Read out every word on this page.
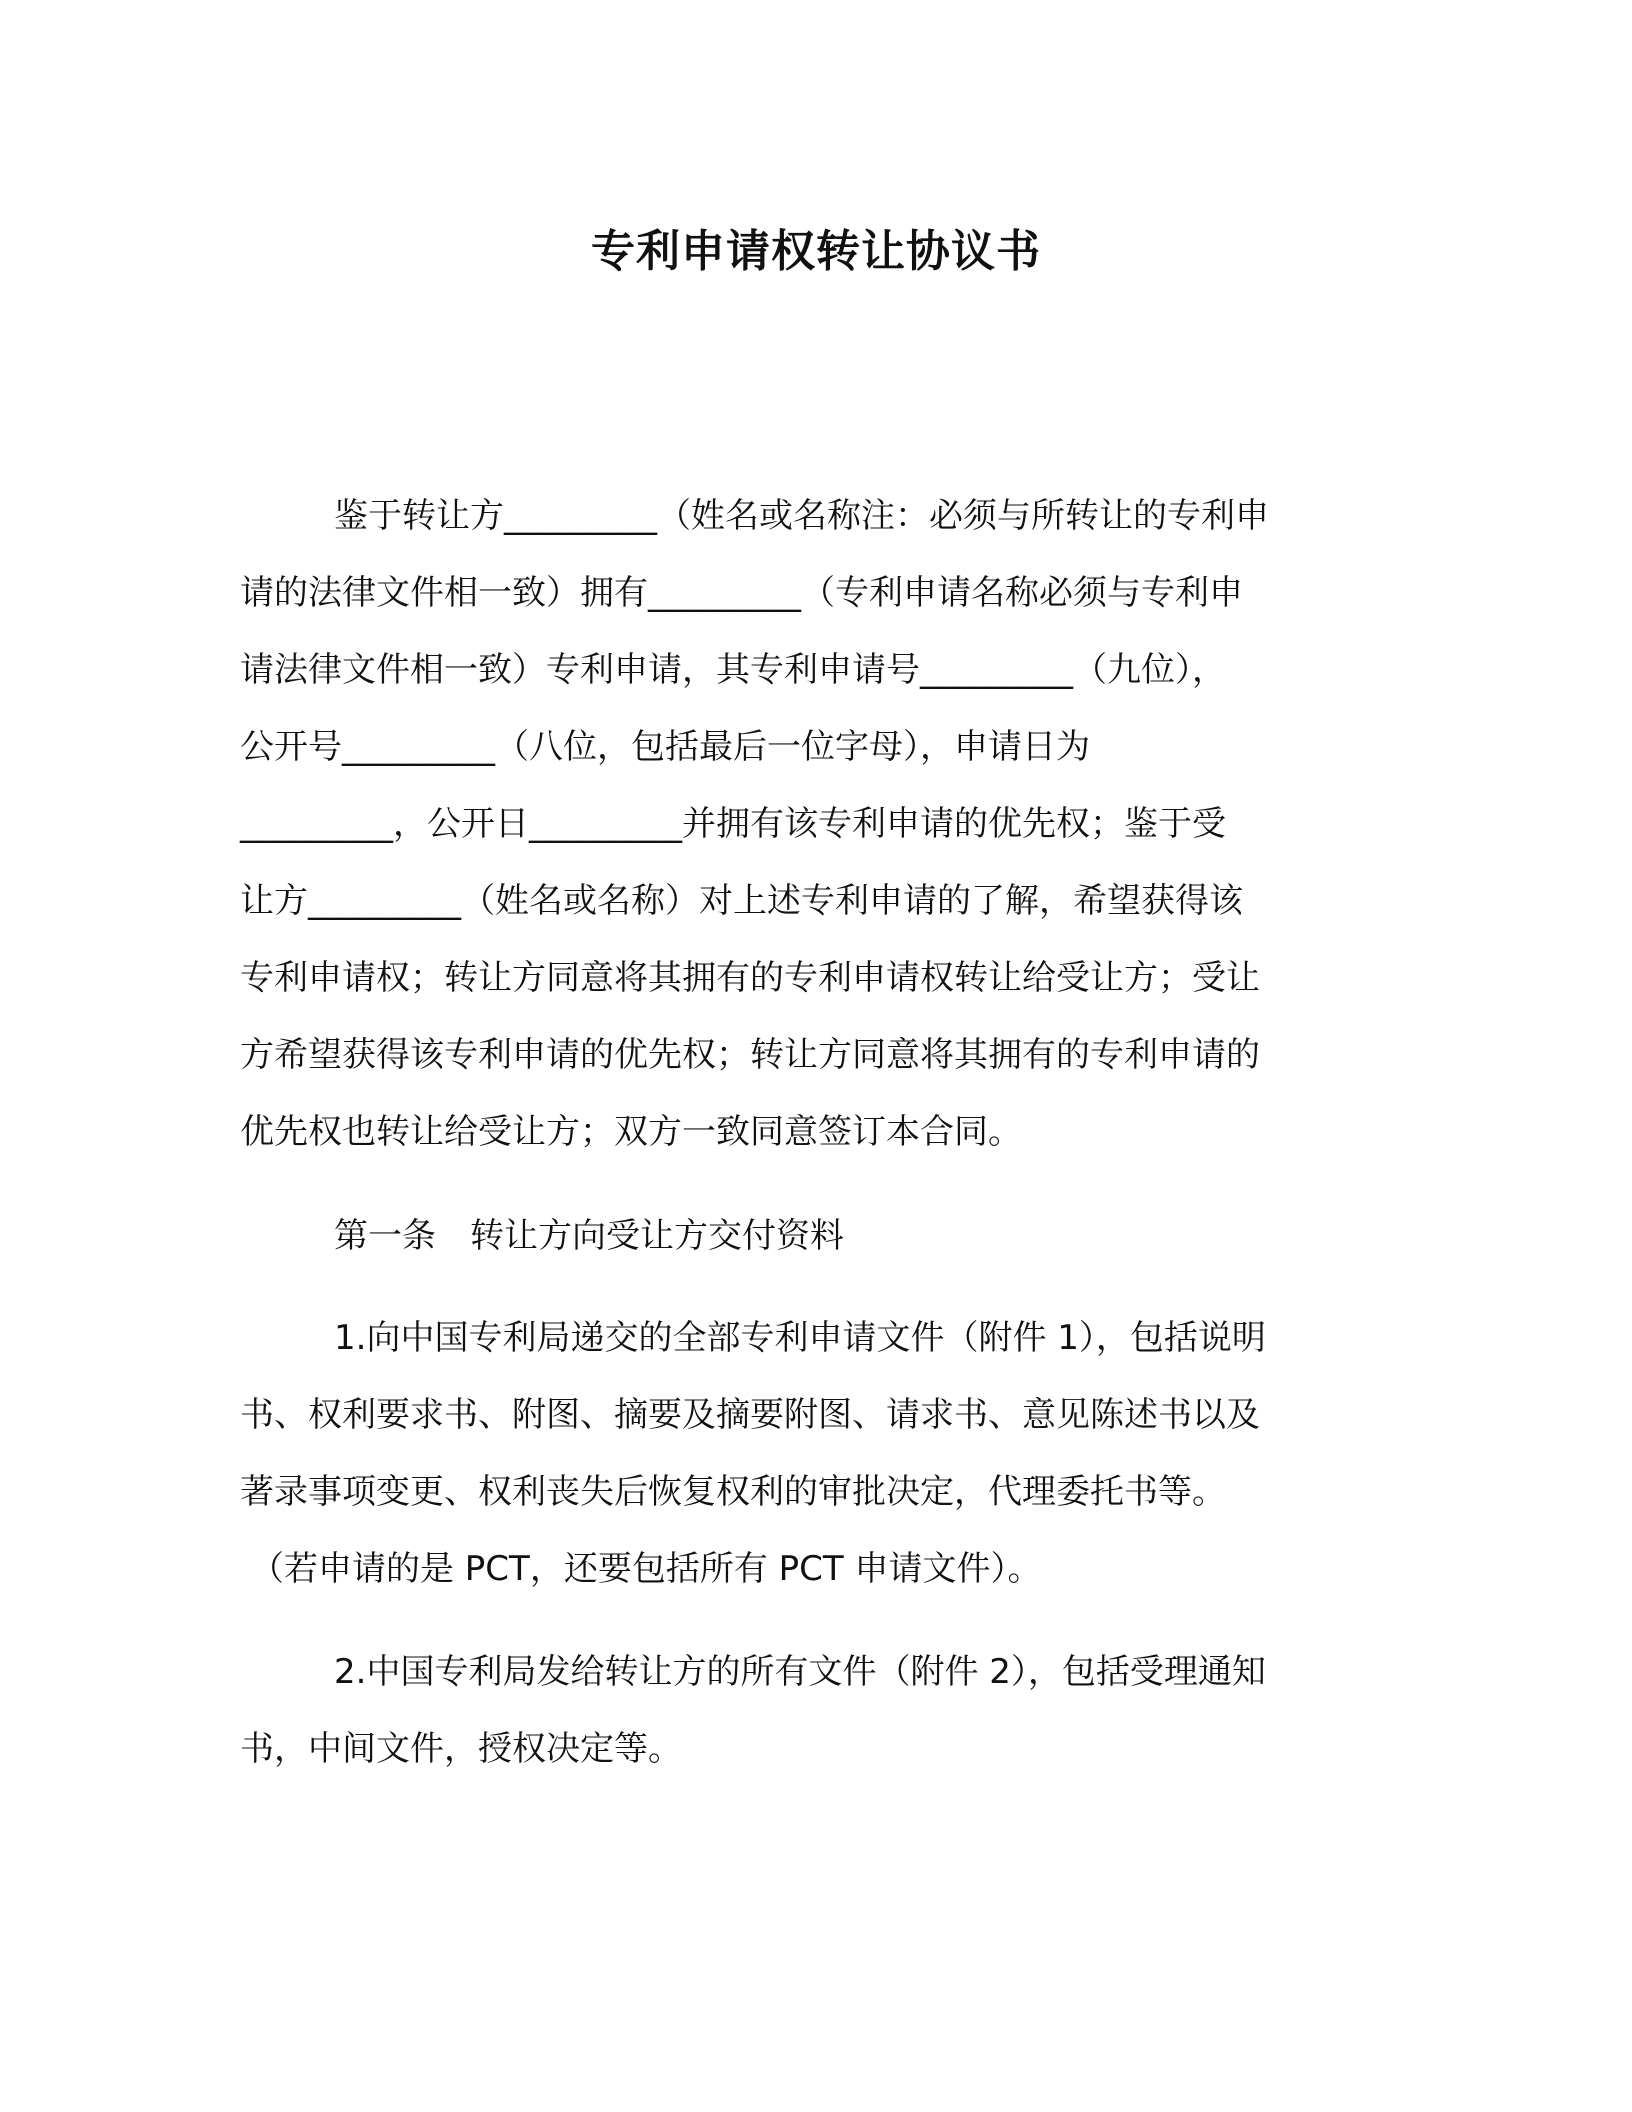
专利申请权转让协议书
鉴于转让方_________（姓名或名称注：必须与所转让的专利申
请的法律文件相一致）拥有_________（专利申请名称必须与专利申
请法律文件相一致）专利申请，其专利申请号_________（九位），
公开号_________（八位，包括最后一位字母），申请日为
_________，公开日_________并拥有该专利申请的优先权；鉴于受
让方_________（姓名或名称）对上述专利申请的了解，希望获得该
专利申请权；转让方同意将其拥有的专利申请权转让给受让方；受让
方希望获得该专利申请的优先权；转让方同意将其拥有的专利申请的
优先权也转让给受让方；双方一致同意签订本合同。
第一条　转让方向受让方交付资料
1.向中国专利局递交的全部专利申请文件（附件 1），包括说明
书、权利要求书、附图、摘要及摘要附图、请求书、意见陈述书以及
著录事项变更、权利丧失后恢复权利的审批决定，代理委托书等。
（若申请的是 PCT，还要包括所有 PCT 申请文件）。
2.中国专利局发给转让方的所有文件（附件 2），包括受理通知
书，中间文件，授权决定等。
